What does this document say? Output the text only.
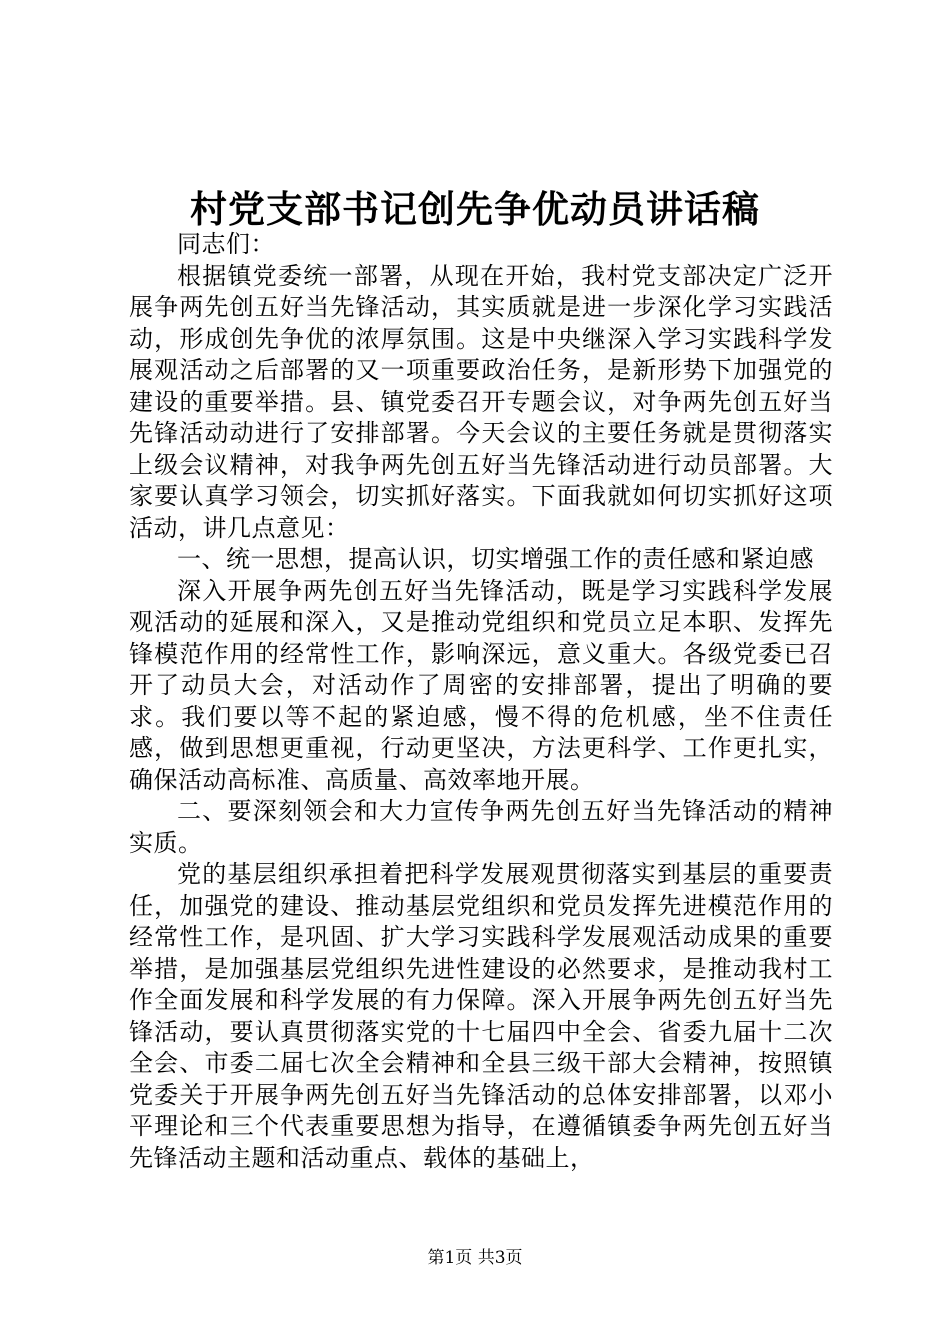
村党支部书记创先争优动员讲话稿

同志们：

根据镇党委统一部署，从现在开始，我村党支部决定广泛开展争两先创五好当先锋活动，其实质就是进一步深化学习实践活动，形成创先争优的浓厚氛围。这是中央继深入学习实践科学发展观活动之后部署的又一项重要政治任务，是新形势下加强党的建设的重要举措。县、镇党委召开专题会议，对争两先创五好当先锋活动动进行了安排部署。今天会议的主要任务就是贯彻落实上级会议精神，对我争两先创五好当先锋活动进行动员部署。大家要认真学习领会，切实抓好落实。下面我就如何切实抓好这项活动，讲几点意见：

一、统一思想，提高认识，切实增强工作的责任感和紧迫感

深入开展争两先创五好当先锋活动，既是学习实践科学发展观活动的延展和深入，又是推动党组织和党员立足本职、发挥先锋模范作用的经常性工作，影响深远，意义重大。各级党委已召开了动员大会，对活动作了周密的安排部署，提出了明确的要求。我们要以等不起的紧迫感，慢不得的危机感，坐不住责任感，做到思想更重视，行动更坚决，方法更科学、工作更扎实，确保活动高标准、高质量、高效率地开展。

二、要深刻领会和大力宣传争两先创五好当先锋活动的精神实质。

党的基层组织承担着把科学发展观贯彻落实到基层的重要责任，加强党的建设、推动基层党组织和党员发挥先进模范作用的经常性工作，是巩固、扩大学习实践科学发展观活动成果的重要举措，是加强基层党组织先进性建设的必然要求，是推动我村工作全面发展和科学发展的有力保障。深入开展争两先创五好当先锋活动，要认真贯彻落实党的十七届四中全会、省委九届十二次全会、市委二届七次全会精神和全县三级干部大会精神，按照镇党委关于开展争两先创五好当先锋活动的总体安排部署，以邓小平理论和三个代表重要思想为指导，在遵循镇委争两先创五好当先锋活动主题和活动重点、载体的基础上，

第1页 共3页
